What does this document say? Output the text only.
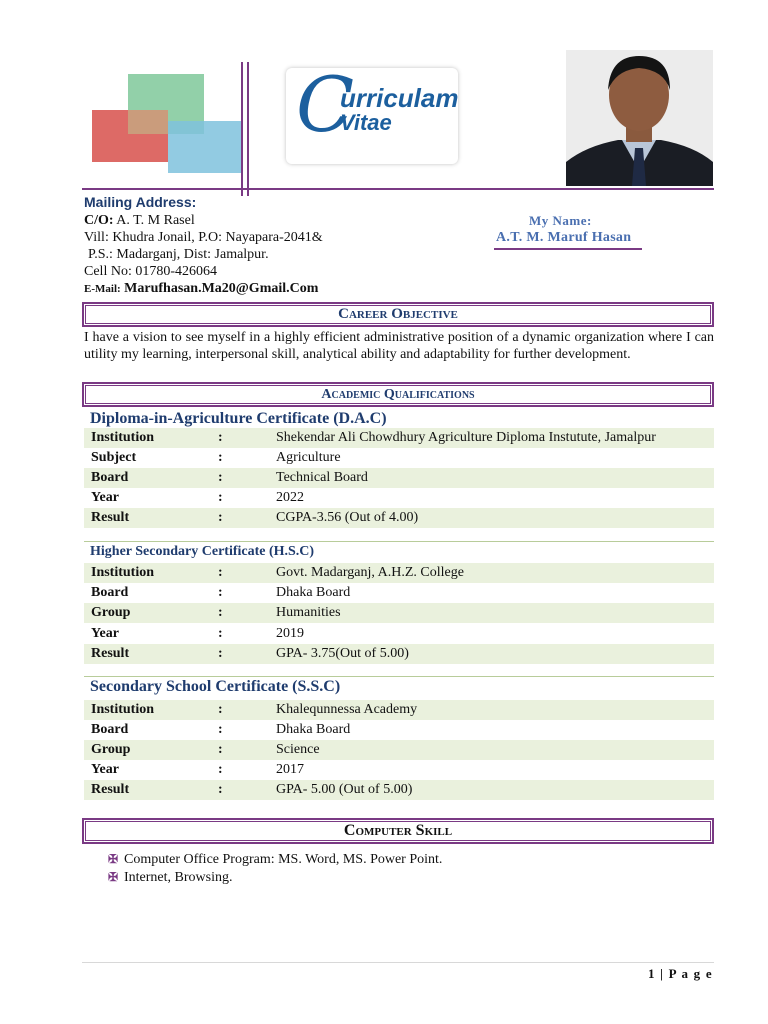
C
urriculam
Vitae
Mailing Address:
C/O: A. T. M Rasel
Vill: Khudra Jonail, P.O: Nayapara-2041&
P.S.: Madarganj, Dist: Jamalpur.
Cell No: 01780-426064
E-Mail: Marufhasan.Ma20@Gmail.Com
My Name:
A.T. M. Maruf Hasan
Career Objective
I have a vision to see myself in a highly efficient administrative position of a dynamic organization where I can utility my learning, interpersonal skill, analytical ability and adaptability for further development.
Academic Qualifications
Diploma-in-Agriculture Certificate (D.A.C)
Institution	:	Shekendar Ali Chowdhury Agriculture Diploma Instutute, Jamalpur
Subject	:	Agriculture
Board	:	Technical Board
Year	:	2022
Result	:	CGPA-3.56 (Out of 4.00)
Higher Secondary Certificate (H.S.C)
Institution	:	Govt. Madarganj, A.H.Z. College
Board	:	Dhaka Board
Group	:	Humanities
Year	:	2019
Result	:	GPA- 3.75(Out of 5.00)
Secondary School Certificate (S.S.C)
Institution	:	Khalequnnessa Academy
Board	:	Dhaka Board
Group	:	Science
Year	:	2017
Result	:	GPA- 5.00 (Out of 5.00)
Computer Skill
✠ Computer Office Program: MS. Word, MS. Power Point.
✠ Internet, Browsing.
1 | P a g e
